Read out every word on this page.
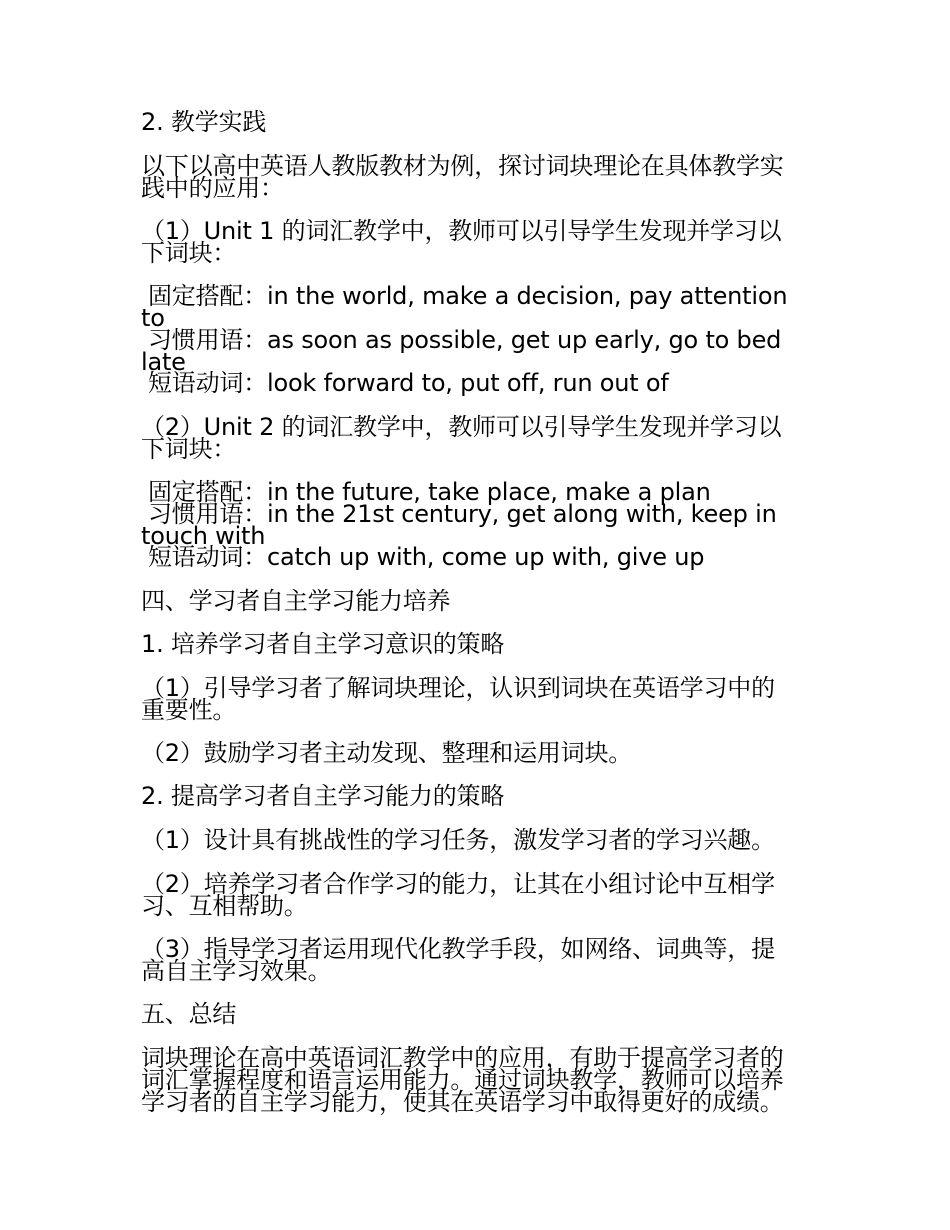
2. 教学实践
以下以高中英语人教版教材为例，探讨词块理论在具体教学实
践中的应用：
（1）Unit 1 的词汇教学中，教师可以引导学生发现并学习以
下词块：
固定搭配：in the world, make a decision, pay attention
to
习惯用语：as soon as possible, get up early, go to bed
late
短语动词：look forward to, put off, run out of
（2）Unit 2 的词汇教学中，教师可以引导学生发现并学习以
下词块：
固定搭配：in the future, take place, make a plan
习惯用语：in the 21st century, get along with, keep in
touch with
短语动词：catch up with, come up with, give up
四、学习者自主学习能力培养
1. 培养学习者自主学习意识的策略
（1）引导学习者了解词块理论，认识到词块在英语学习中的
重要性。
（2）鼓励学习者主动发现、整理和运用词块。
2. 提高学习者自主学习能力的策略
（1）设计具有挑战性的学习任务，激发学习者的学习兴趣。
（2）培养学习者合作学习的能力，让其在小组讨论中互相学
习、互相帮助。
（3）指导学习者运用现代化教学手段，如网络、词典等，提
高自主学习效果。
五、总结
词块理论在高中英语词汇教学中的应用，有助于提高学习者的
词汇掌握程度和语言运用能力。通过词块教学，教师可以培养
学习者的自主学习能力，使其在英语学习中取得更好的成绩。
